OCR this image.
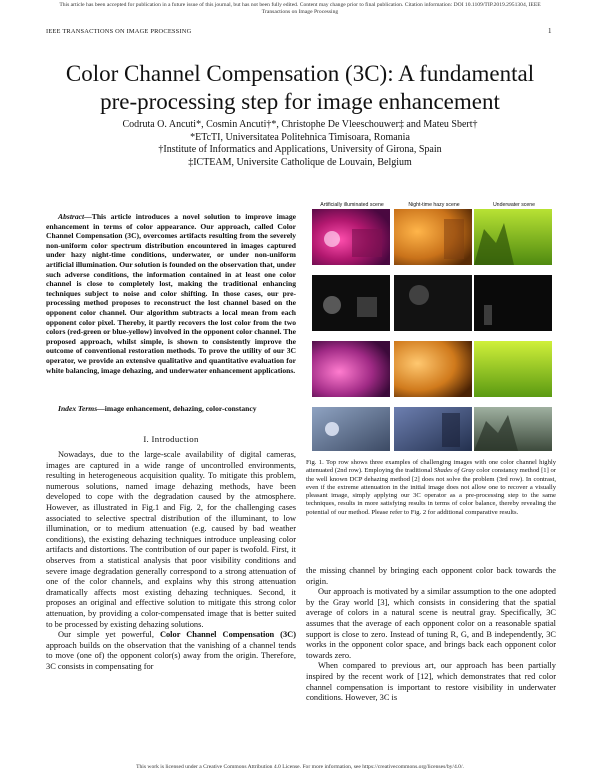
This article has been accepted for publication in a future issue of this journal, but has not been fully edited. Content may change prior to final publication. Citation information: DOI 10.1109/TIP.2019.2951304, IEEE
Transactions on Image Processing
IEEE TRANSACTIONS ON IMAGE PROCESSING	1
Color Channel Compensation (3C): A fundamental
pre-processing step for image enhancement
Codruta O. Ancuti*, Cosmin Ancuti†*, Christophe De Vleeschouwer‡ and Mateu Sbert†
*ETcTI, Universitatea Politehnica Timisoara, Romania
†Institute of Informatics and Applications, University of Girona, Spain
‡ICTEAM, Universite Catholique de Louvain, Belgium
Abstract—This article introduces a novel solution to improve image enhancement in terms of color appearance. Our approach, called Color Channel Compensation (3C), overcomes artifacts resulting from the severely non-uniform color spectrum distribution encountered in images captured under hazy night-time conditions, underwater, or under non-uniform artificial illumination. Our solution is founded on the observation that, under such adverse conditions, the information contained in at least one color channel is close to completely lost, making the traditional enhancing techniques subject to noise and color shifting. In those cases, our pre-processing method proposes to reconstruct the lost channel based on the opponent color channel. Our algorithm subtracts a local mean from each opponent color pixel. Thereby, it partly recovers the lost color from the two colors (red-green or blue-yellow) involved in the opponent color channel. The proposed approach, whilst simple, is shown to consistently improve the outcome of conventional restoration methods. To prove the utility of our 3C operator, we provide an extensive qualitative and quantitative evaluation for white balancing, image dehazing, and underwater enhancement applications.
Index Terms—image enhancement, dehazing, color-constancy
I. Introduction

Nowadays, due to the large-scale availability of digital cameras, images are captured in a wide range of uncontrolled environments, resulting in heterogeneous acquisition quality. To mitigate this problem, numerous solutions, named image dehazing methods, have been developed to cope with the degradation caused by the atmosphere. However, as illustrated in Fig.1 and Fig. 2, for the challenging cases associated to selective spectral distribution of the illuminant, to low illumination, or to medium attenuation (e.g. caused by bad weather conditions), the existing dehazing techniques introduce unpleasing color artifacts and distortions. The contribution of our paper is twofold. First, it observes from a statistical analysis that poor visibility conditions and severe image degradation generally correspond to a strong attenuation of one of the color channels, and explains why this strong attenuation dramatically affects most existing dehazing techniques. Second, it proposes an original and effective solution to mitigate this strong color attenuation, by providing a color-compensated image that is better suited to be processed by existing dehazing solutions.

Our simple yet powerful, Color Channel Compensation (3C) approach builds on the observation that the vanishing of a channel tends to move (one of) the opponent color(s) away from the origin. Therefore, 3C consists in compensating for

Artificially illuminated scene	Night-time hazy scene	Underwater scene
Green channel	Blue channel	Red channel
Shades of Gray	DCP	DCP
3C + Shades of Gray	3C + DCP	3C + DCP
Fig. 1. Top row shows three examples of challenging images with one color channel highly attenuated (2nd row). Employing the traditional Shades of Gray color constancy method [1] or the well known DCP dehazing method [2] does not solve the problem (3rd row). In contrast, even if the extreme attenuation in the initial image does not allow one to recover a visually pleasant image, simply applying our 3C operator as a pre-processing step to the same techniques, results in more satisfying results in terms of color balance, thereby revealing the potential of our method. Please refer to Fig. 2 for additional comparative results.

the missing channel by bringing each opponent color back towards the origin.

Our approach is motivated by a similar assumption to the one adopted by the Gray world [3], which consists in considering that the spatial average of colors in a natural scene is neutral gray. Specifically, 3C assumes that the average of each opponent color on a reasonable spatial support is close to zero. Instead of tuning R, G, and B independently, 3C works in the opponent color space, and brings back each opponent color towards zero.

When compared to previous art, our approach has been partially inspired by the recent work of [12], which demonstrates that red color channel compensation is important to restore visibility in underwater conditions. However, 3C is

This work is licensed under a Creative Commons Attribution 4.0 License. For more information, see https://creativecommons.org/licenses/by/4.0/.
